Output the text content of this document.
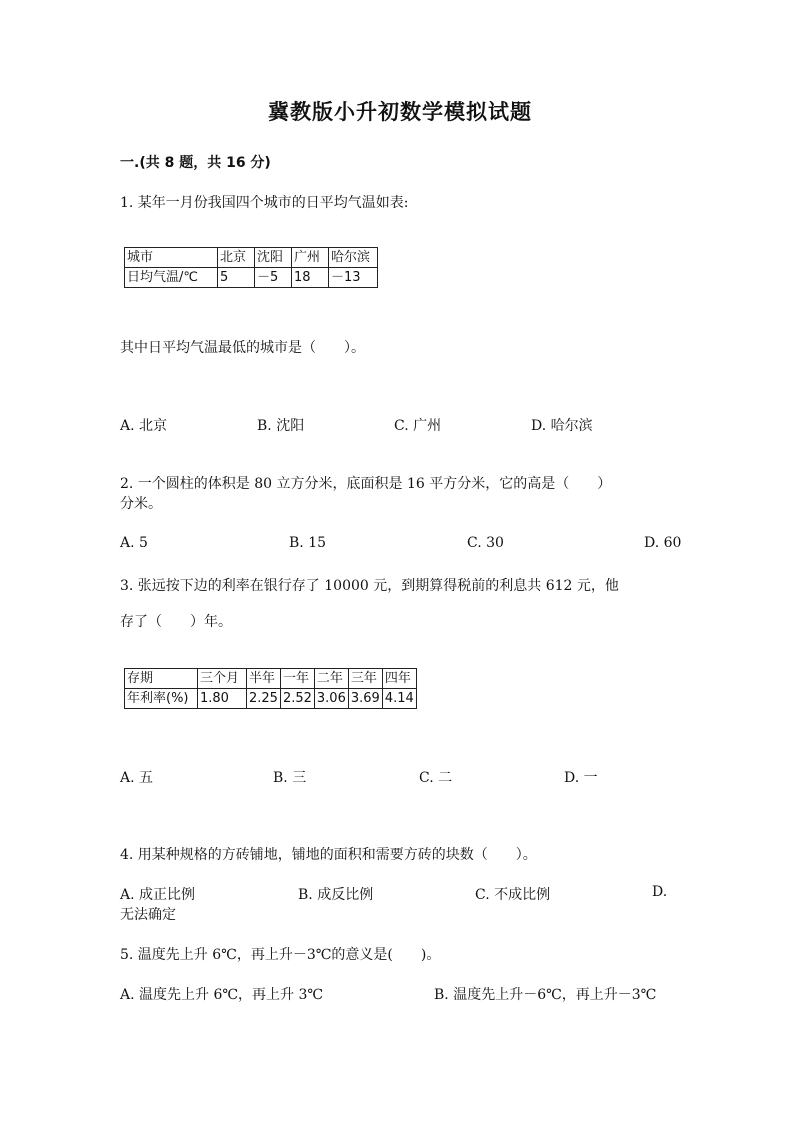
冀教版小升初数学模拟试题
一.(共 8 题，共 16 分)
1. 某年一月份我国四个城市的日平均气温如表:
城市	北京	沈阳	广州	哈尔滨
日均气温/℃	5	－5	18	－13
其中日平均气温最低的城市是（　　）。
A. 北京	B. 沈阳	C. 广州	D. 哈尔滨
2. 一个圆柱的体积是 80 立方分米，底面积是 16 平方分米，它的高是（　　）
分米。
A. 5	B. 15	C. 30	D. 60
3. 张远按下边的利率在银行存了 10000 元，到期算得税前的利息共 612 元，他
存了（　　）年。
存期	三个月	半年	一年	二年	三年	四年
年利率(%)	1.80	2.25	2.52	3.06	3.69	4.14
A. 五	B. 三	C. 二	D. 一
4. 用某种规格的方砖铺地，铺地的面积和需要方砖的块数（　　）。
A. 成正比例	B. 成反比例	C. 不成比例	D.
无法确定
5. 温度先上升 6℃，再上升－3℃的意义是(　　)。
A. 温度先上升 6℃，再上升 3℃	B. 温度先上升－6℃，再上升－3℃
